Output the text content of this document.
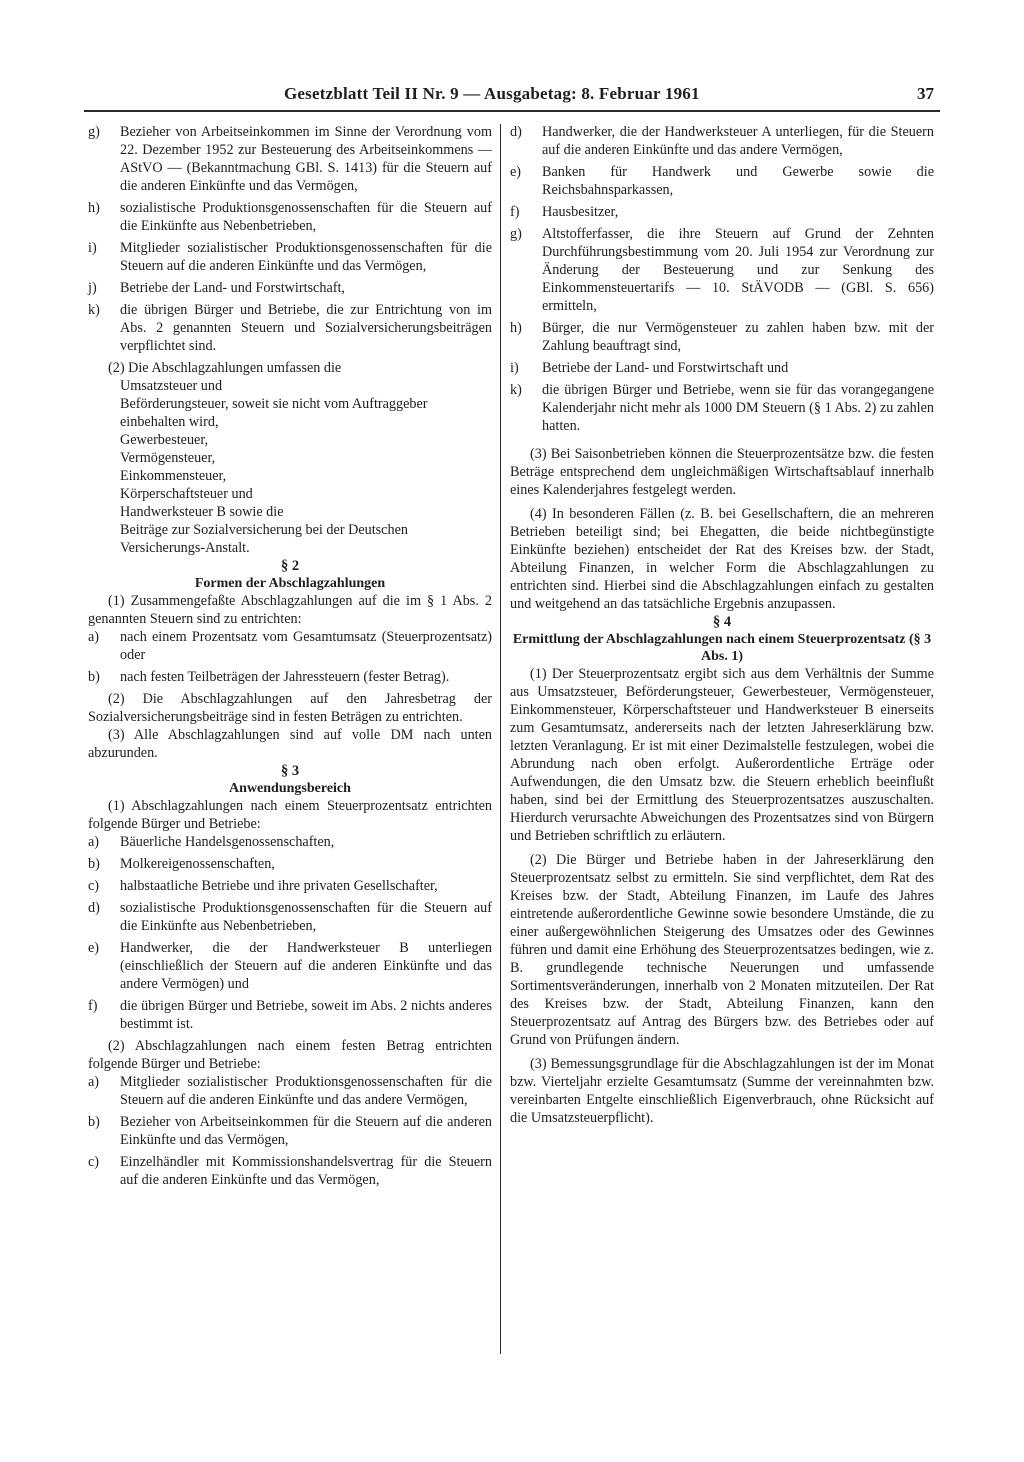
Gesetzblatt Teil II Nr. 9 — Ausgabetag: 8. Februar 1961	37
g)	Bezieher von Arbeitseinkommen im Sinne der Verordnung vom 22. Dezember 1952 zur Besteuerung des Arbeitseinkommens — AStVO — (Bekanntmachung GBl. S. 1413) für die Steuern auf die anderen Einkünfte und das Vermögen,
h)	sozialistische Produktionsgenossenschaften für die Steuern auf die Einkünfte aus Nebenbetrieben,
i)	Mitglieder sozialistischer Produktionsgenossenschaften für die Steuern auf die anderen Einkünfte und das Vermögen,
j)	Betriebe der Land- und Forstwirtschaft,
k)	die übrigen Bürger und Betriebe, die zur Entrichtung von im Abs. 2 genannten Steuern und Sozialversicherungsbeiträgen verpflichtet sind.

(2) Die Abschlagzahlungen umfassen die

Umsatzsteuer und

Beförderungsteuer, soweit sie nicht vom Auftraggeber einbehalten wird,

Gewerbesteuer,

Vermögensteuer,

Einkommensteuer,

Körperschaftsteuer und

Handwerksteuer B sowie die

Beiträge zur Sozialversicherung bei der Deutschen Versicherungs-Anstalt.

§ 2

Formen der Abschlagzahlungen

(1) Zusammengefaßte Abschlagzahlungen auf die im § 1 Abs. 2 genannten Steuern sind zu entrichten:

a)	nach einem Prozentsatz vom Gesamtumsatz (Steuerprozentsatz) oder
b)	nach festen Teilbeträgen der Jahressteuern (fester Betrag).

(2) Die Abschlagzahlungen auf den Jahresbetrag der Sozialversicherungsbeiträge sind in festen Beträgen zu entrichten.

(3) Alle Abschlagzahlungen sind auf volle DM nach unten abzurunden.

§ 3

Anwendungsbereich

(1) Abschlagzahlungen nach einem Steuerprozentsatz entrichten folgende Bürger und Betriebe:

a)	Bäuerliche Handelsgenossenschaften,
b)	Molkereigenossenschaften,
c)	halbstaatliche Betriebe und ihre privaten Gesellschafter,
d)	sozialistische Produktionsgenossenschaften für die Steuern auf die Einkünfte aus Nebenbetrieben,
e)	Handwerker, die der Handwerksteuer B unterliegen (einschließlich der Steuern auf die anderen Einkünfte und das andere Vermögen) und
f)	die übrigen Bürger und Betriebe, soweit im Abs. 2 nichts anderes bestimmt ist.

(2) Abschlagzahlungen nach einem festen Betrag entrichten folgende Bürger und Betriebe:

a)	Mitglieder sozialistischer Produktionsgenossenschaften für die Steuern auf die anderen Einkünfte und das andere Vermögen,
b)	Bezieher von Arbeitseinkommen für die Steuern auf die anderen Einkünfte und das Vermögen,
c)	Einzelhändler mit Kommissionshandelsvertrag für die Steuern auf die anderen Einkünfte und das Vermögen,
d)	Handwerker, die der Handwerksteuer A unterliegen, für die Steuern auf die anderen Einkünfte und das andere Vermögen,
e)	Banken für Handwerk und Gewerbe sowie die Reichsbahnsparkassen,
f)	Hausbesitzer,
g)	Altstofferfasser, die ihre Steuern auf Grund der Zehnten Durchführungsbestimmung vom 20. Juli 1954 zur Verordnung zur Änderung der Besteuerung und zur Senkung des Einkommensteuertarifs — 10. StÄVODB — (GBl. S. 656) ermitteln,
h)	Bürger, die nur Vermögensteuer zu zahlen haben bzw. mit der Zahlung beauftragt sind,
i)	Betriebe der Land- und Forstwirtschaft und
k)	die übrigen Bürger und Betriebe, wenn sie für das vorangegangene Kalenderjahr nicht mehr als 1000 DM Steuern (§ 1 Abs. 2) zu zahlen hatten.

(3) Bei Saisonbetrieben können die Steuerprozentsätze bzw. die festen Beträge entsprechend dem ungleichmäßigen Wirtschaftsablauf innerhalb eines Kalenderjahres festgelegt werden.

(4) In besonderen Fällen (z. B. bei Gesellschaftern, die an mehreren Betrieben beteiligt sind; bei Ehegatten, die beide nichtbegünstigte Einkünfte beziehen) entscheidet der Rat des Kreises bzw. der Stadt, Abteilung Finanzen, in welcher Form die Abschlagzahlungen zu entrichten sind. Hierbei sind die Abschlagzahlungen einfach zu gestalten und weitgehend an das tatsächliche Ergebnis anzupassen.

§ 4

Ermittlung der Abschlagzahlungen nach einem Steuerprozentsatz (§ 3 Abs. 1)

(1) Der Steuerprozentsatz ergibt sich aus dem Verhältnis der Summe aus Umsatzsteuer, Beförderungsteuer, Gewerbesteuer, Vermögensteuer, Einkommensteuer, Körperschaftsteuer und Handwerksteuer B einerseits zum Gesamtumsatz, andererseits nach der letzten Jahreserklärung bzw. letzten Veranlagung. Er ist mit einer Dezimalstelle festzulegen, wobei die Abrundung nach oben erfolgt. Außerordentliche Erträge oder Aufwendungen, die den Umsatz bzw. die Steuern erheblich beeinflußt haben, sind bei der Ermittlung des Steuerprozentsatzes auszuschalten. Hierdurch verursachte Abweichungen des Prozentsatzes sind von Bürgern und Betrieben schriftlich zu erläutern.

(2) Die Bürger und Betriebe haben in der Jahreserklärung den Steuerprozentsatz selbst zu ermitteln. Sie sind verpflichtet, dem Rat des Kreises bzw. der Stadt, Abteilung Finanzen, im Laufe des Jahres eintretende außerordentliche Gewinne sowie besondere Umstände, die zu einer außergewöhnlichen Steigerung des Umsatzes oder des Gewinnes führen und damit eine Erhöhung des Steuerprozentsatzes bedingen, wie z. B. grundlegende technische Neuerungen und umfassende Sortimentsveränderungen, innerhalb von 2 Monaten mitzuteilen. Der Rat des Kreises bzw. der Stadt, Abteilung Finanzen, kann den Steuerprozentsatz auf Antrag des Bürgers bzw. des Betriebes oder auf Grund von Prüfungen ändern.

(3) Bemessungsgrundlage für die Abschlagzahlungen ist der im Monat bzw. Vierteljahr erzielte Gesamtumsatz (Summe der vereinnahmten bzw. vereinbarten Entgelte einschließlich Eigenverbrauch, ohne Rücksicht auf die Umsatzsteuerpflicht).
